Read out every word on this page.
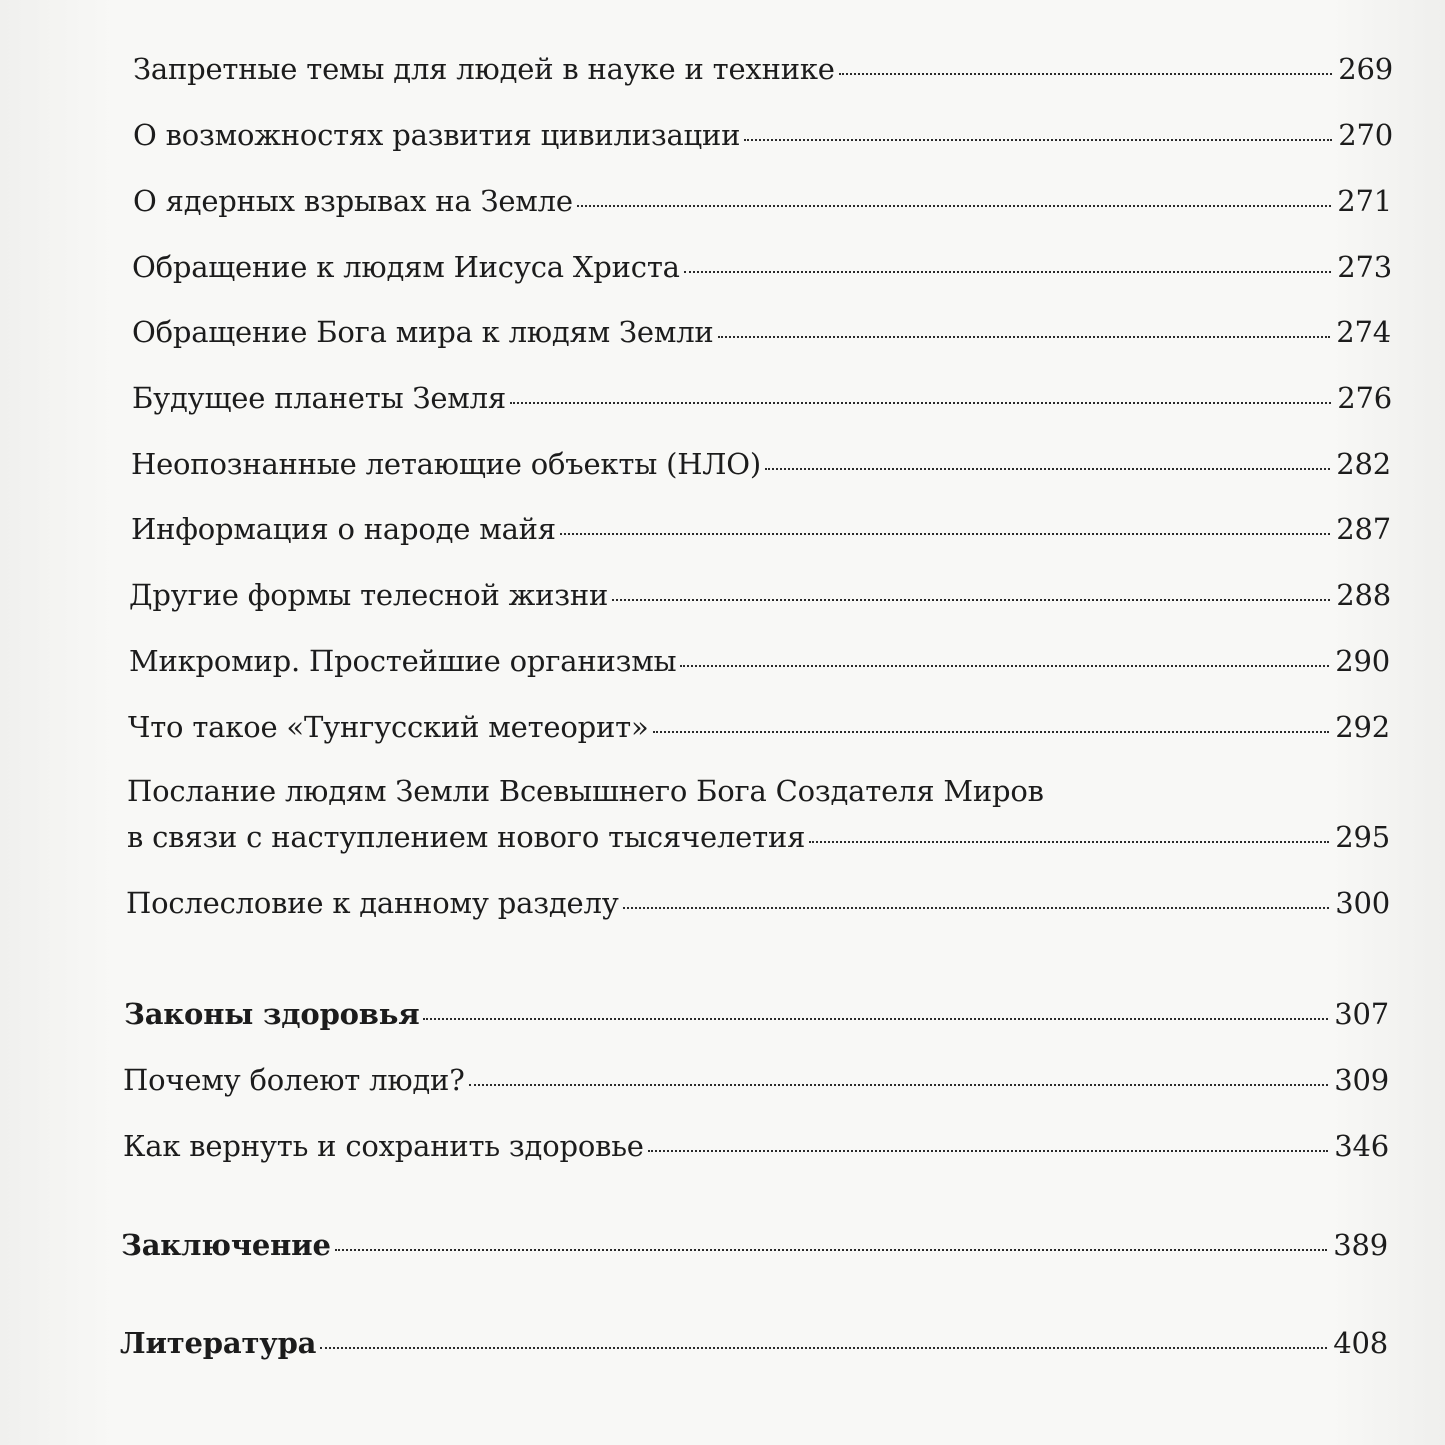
Запретные темы для людей в науке и технике	269
О возможностях развития цивилизации	270
О ядерных взрывах на Земле	271
Обращение к людям Иисуса Христа	273
Обращение Бога мира к людям Земли	274
Будущее планеты Земля	276
Неопознанные летающие объекты (НЛО)	282
Информация о народе майя	287
Другие формы телесной жизни	288
Микромир. Простейшие организмы	290
Что такое «Тунгусский метеорит»	292
Послание людям Земли Всевышнего Бога Создателя Миров
в связи с наступлением нового тысячелетия	295
Послесловие к данному разделу	300
Законы здоровья	307
Почему болеют люди?	309
Как вернуть и сохранить здоровье	346
Заключение	389
Литература	408
